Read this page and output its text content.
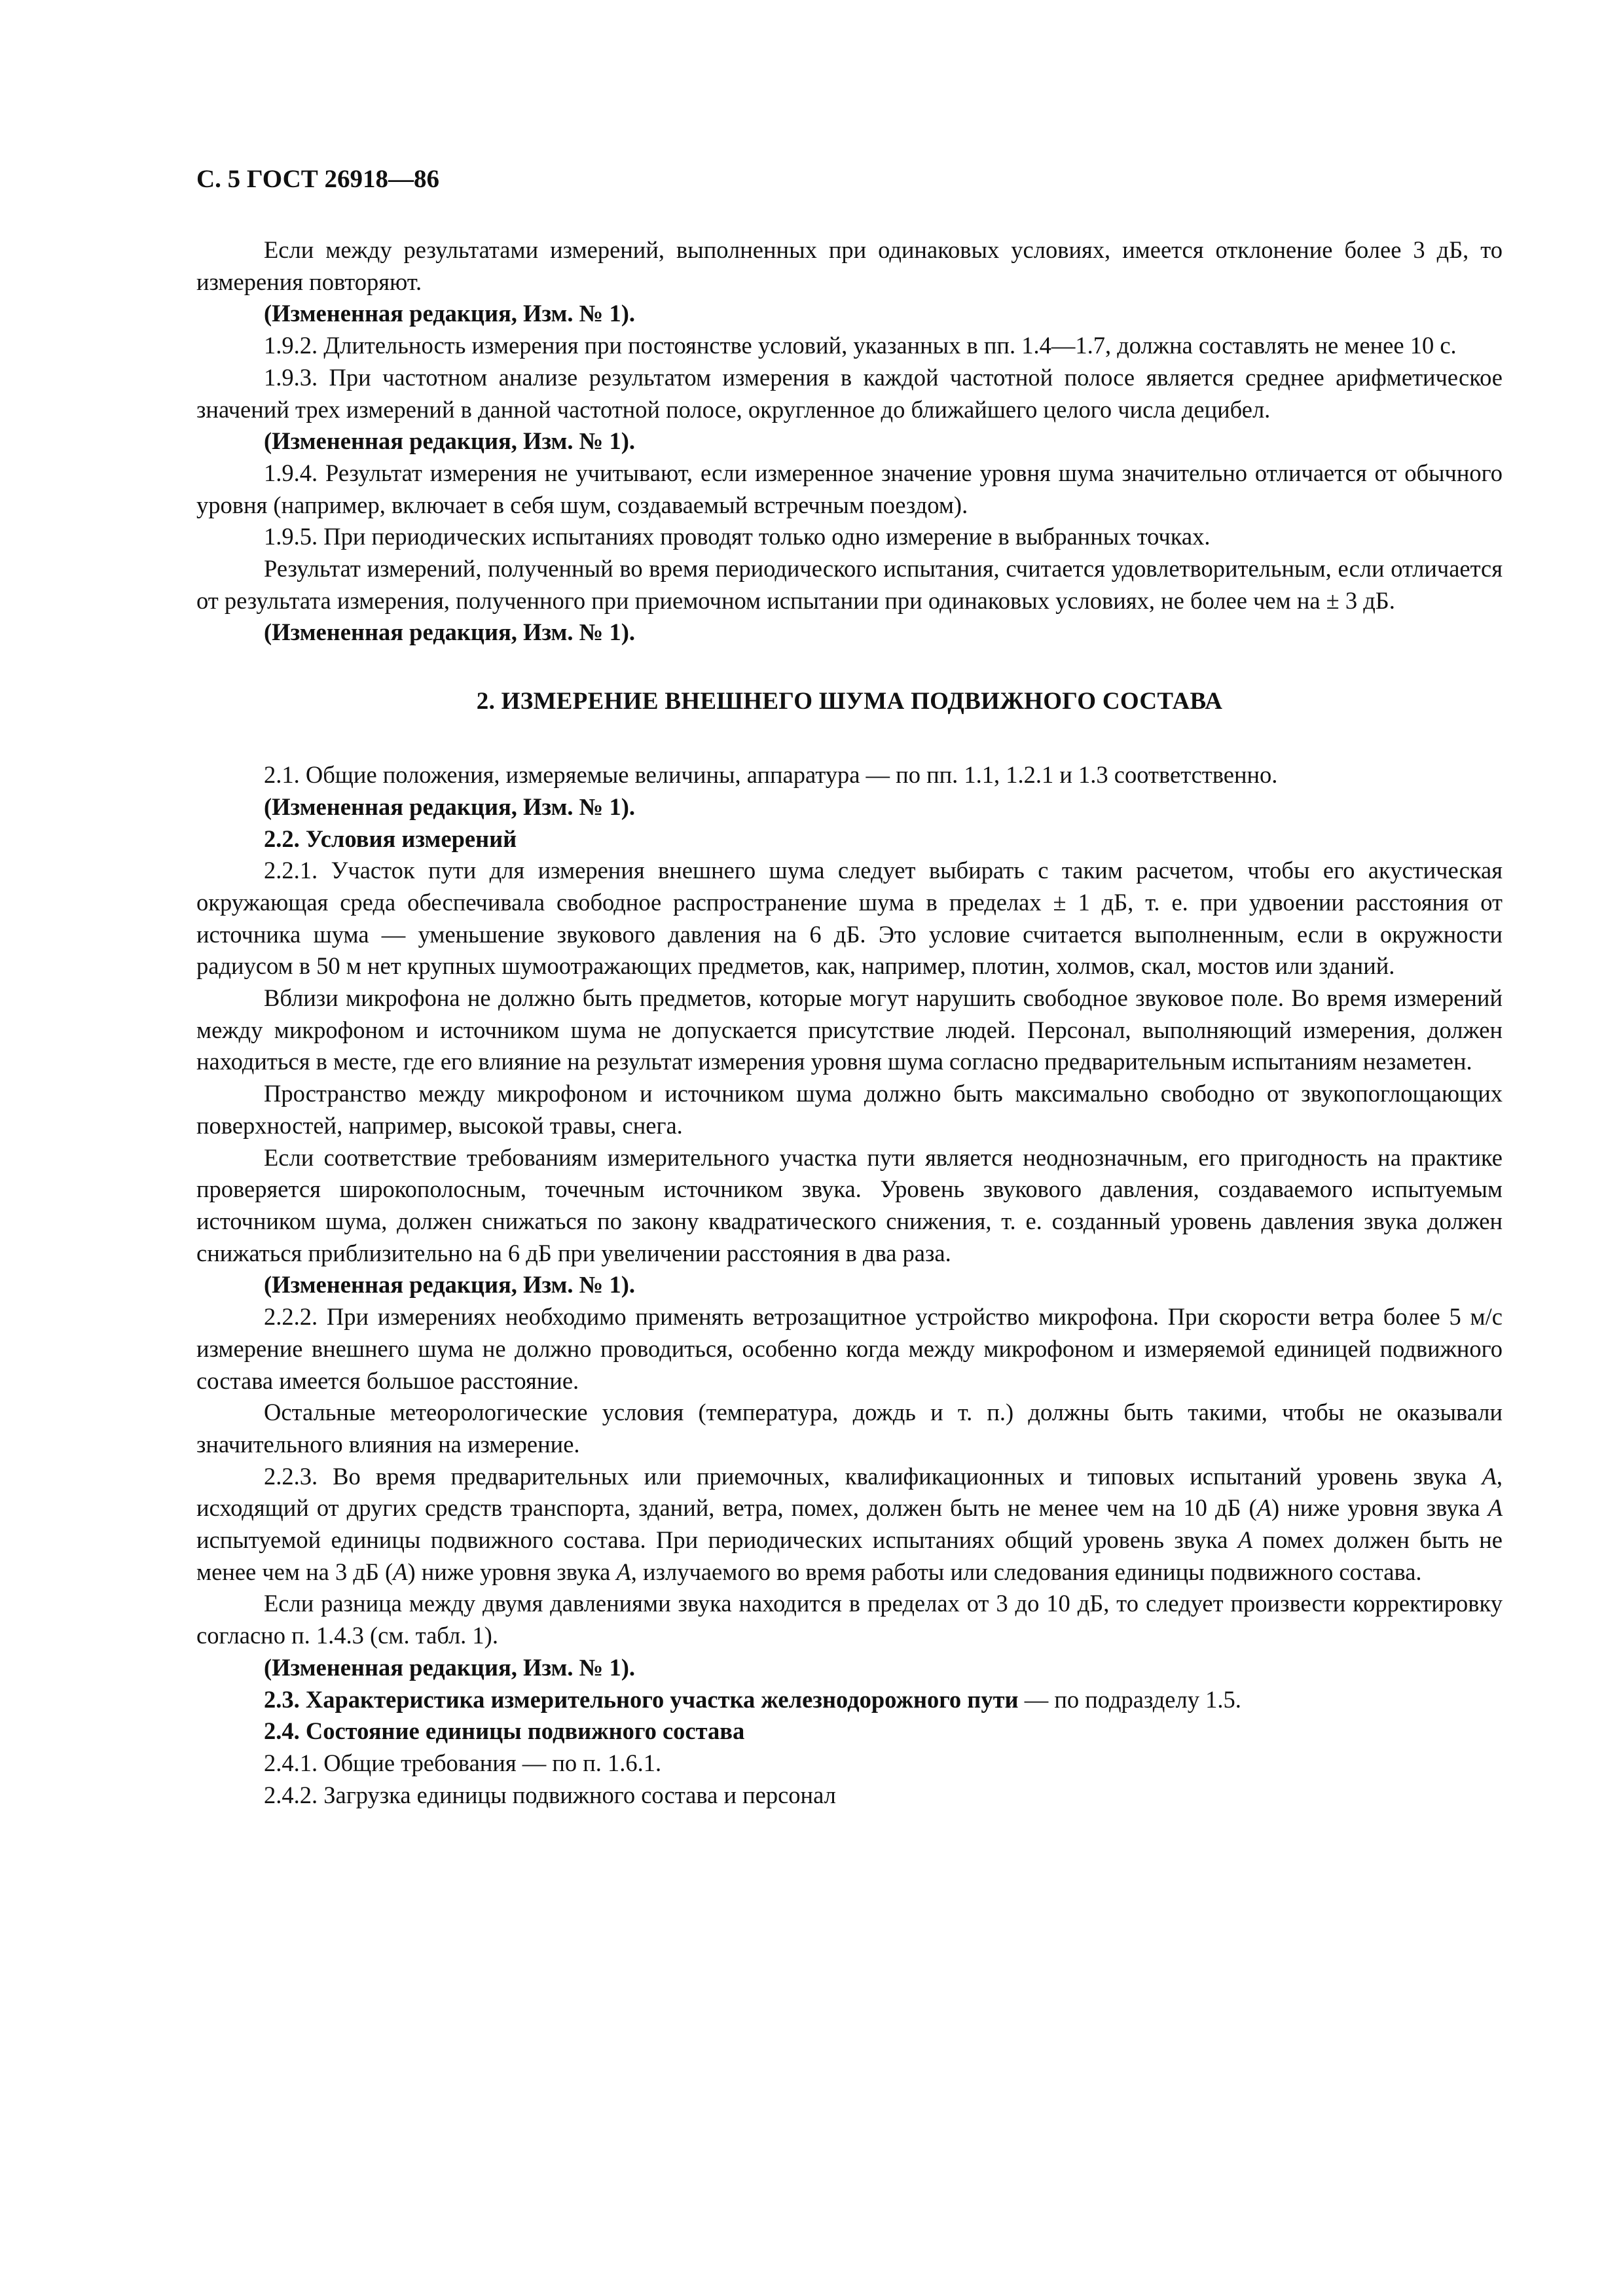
С. 5 ГОСТ 26918—86

Если между результатами измерений, выполненных при одинаковых условиях, имеется отклонение более 3 дБ, то измерения повторяют.

(Измененная редакция, Изм. № 1).

1.9.2. Длительность измерения при постоянстве условий, указанных в пп. 1.4—1.7, должна составлять не менее 10 с.

1.9.3. При частотном анализе результатом измерения в каждой частотной полосе является среднее арифметическое значений трех измерений в данной частотной полосе, округленное до ближайшего целого числа децибел.

(Измененная редакция, Изм. № 1).

1.9.4. Результат измерения не учитывают, если измеренное значение уровня шума значительно отличается от обычного уровня (например, включает в себя шум, создаваемый встречным поездом).

1.9.5. При периодических испытаниях проводят только одно измерение в выбранных точках.

Результат измерений, полученный во время периодического испытания, считается удовлетворительным, если отличается от результата измерения, полученного при приемочном испытании при одинаковых условиях, не более чем на ± 3 дБ.

(Измененная редакция, Изм. № 1).

2. ИЗМЕРЕНИЕ ВНЕШНЕГО ШУМА ПОДВИЖНОГО СОСТАВА

2.1. Общие положения, измеряемые величины, аппаратура — по пп. 1.1, 1.2.1 и 1.3 соответственно.

(Измененная редакция, Изм. № 1).

2.2. Условия измерений

2.2.1. Участок пути для измерения внешнего шума следует выбирать с таким расчетом, чтобы его акустическая окружающая среда обеспечивала свободное распространение шума в пределах ± 1 дБ, т. е. при удвоении расстояния от источника шума — уменьшение звукового давления на 6 дБ. Это условие считается выполненным, если в окружности радиусом в 50 м нет крупных шумоотражающих предметов, как, например, плотин, холмов, скал, мостов или зданий.

Вблизи микрофона не должно быть предметов, которые могут нарушить свободное звуковое поле. Во время измерений между микрофоном и источником шума не допускается присутствие людей. Персонал, выполняющий измерения, должен находиться в месте, где его влияние на результат измерения уровня шума согласно предварительным испытаниям незаметен.

Пространство между микрофоном и источником шума должно быть максимально свободно от звукопоглощающих поверхностей, например, высокой травы, снега.

Если соответствие требованиям измерительного участка пути является неоднозначным, его пригодность на практике проверяется широкополосным, точечным источником звука. Уровень звукового давления, создаваемого испытуемым источником шума, должен снижаться по закону квадратического снижения, т. е. созданный уровень давления звука должен снижаться приблизительно на 6 дБ при увеличении расстояния в два раза.

(Измененная редакция, Изм. № 1).

2.2.2. При измерениях необходимо применять ветрозащитное устройство микрофона. При скорости ветра более 5 м/с измерение внешнего шума не должно проводиться, особенно когда между микрофоном и измеряемой единицей подвижного состава имеется большое расстояние.

Остальные метеорологические условия (температура, дождь и т. п.) должны быть такими, чтобы не оказывали значительного влияния на измерение.

2.2.3. Во время предварительных или приемочных, квалификационных и типовых испытаний уровень звука А, исходящий от других средств транспорта, зданий, ветра, помех, должен быть не менее чем на 10 дБ (А) ниже уровня звука А испытуемой единицы подвижного состава. При периодических испытаниях общий уровень звука А помех должен быть не менее чем на 3 дБ (А) ниже уровня звука А, излучаемого во время работы или следования единицы подвижного состава.

Если разница между двумя давлениями звука находится в пределах от 3 до 10 дБ, то следует произвести корректировку согласно п. 1.4.3 (см. табл. 1).

(Измененная редакция, Изм. № 1).

2.3. Характеристика измерительного участка железнодорожного пути — по подразделу 1.5.

2.4. Состояние единицы подвижного состава

2.4.1. Общие требования — по п. 1.6.1.

2.4.2. Загрузка единицы подвижного состава и персонал
